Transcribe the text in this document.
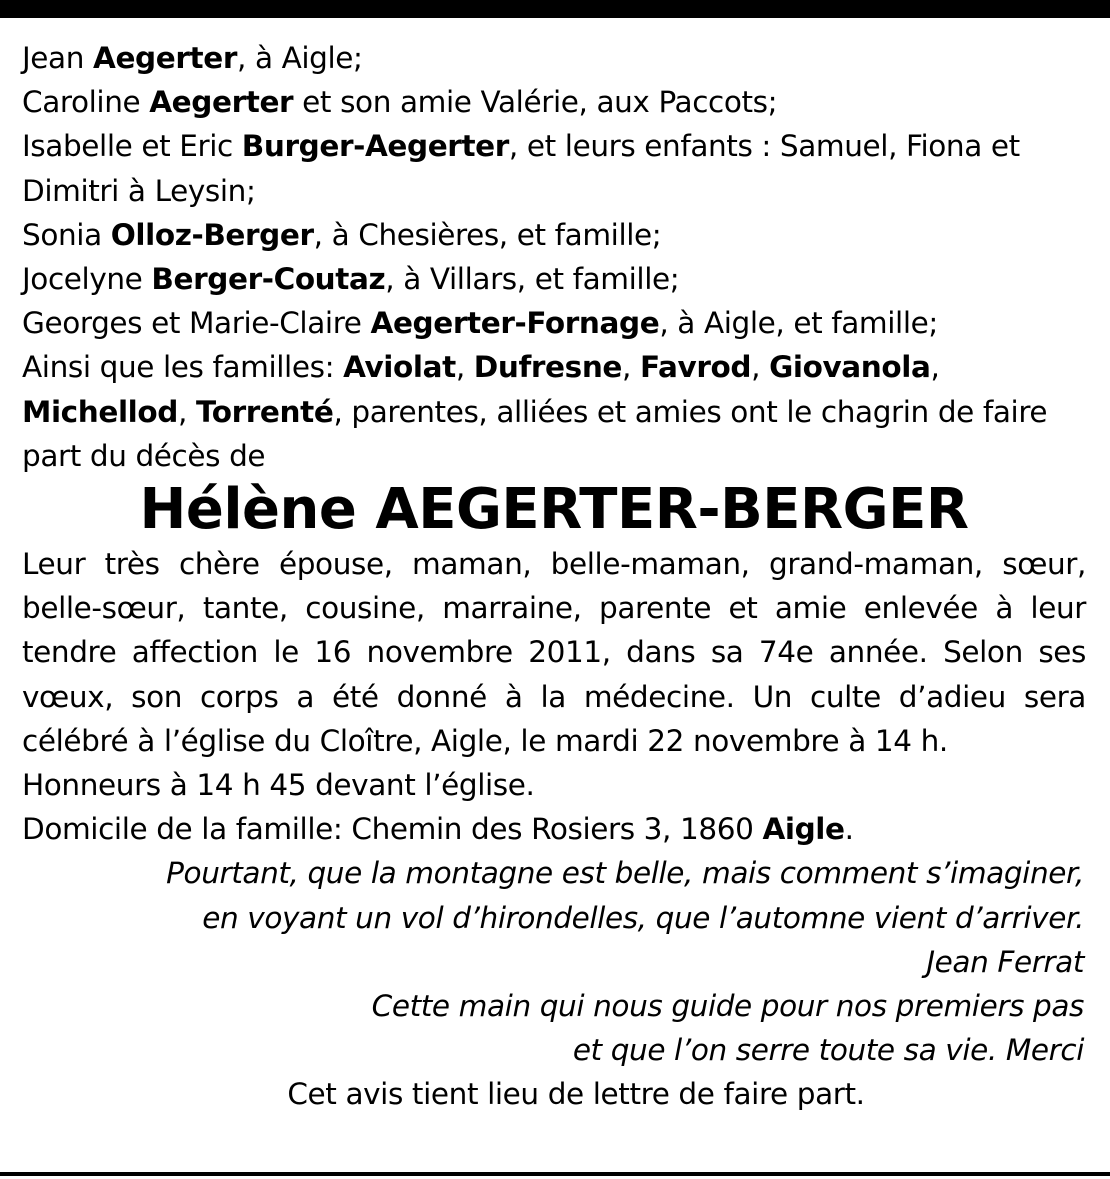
Jean Aegerter, à Aigle;

Caroline Aegerter et son amie Valérie, aux Paccots;

Isabelle et Eric Burger-Aegerter, et leurs enfants : Samuel, Fiona et Dimitri à Leysin;

Sonia Olloz-Berger, à Chesières, et famille;

Jocelyne Berger-Coutaz, à Villars, et famille;

Georges et Marie-Claire Aegerter-Fornage, à Aigle, et famille;

Ainsi que les familles: Aviolat, Dufresne, Favrod, Giovanola, Michellod, Torrenté, parentes, alliées et amies ont le chagrin de faire part du décès de

Hélène AEGERTER-BERGER

Leur très chère épouse, maman, belle-maman, grand-maman, sœur, belle-sœur, tante, cousine, marraine, parente et amie enlevée à leur tendre affection le 16 novembre 2011, dans sa 74e année. Selon ses vœux, son corps a été donné à la médecine. Un culte d’adieu sera célébré à l’église du Cloître, Aigle, le mardi 22 novembre à 14 h.

Honneurs à 14 h 45 devant l’église.

Domicile de la famille: Chemin des Rosiers 3, 1860 Aigle.

Pourtant, que la montagne est belle, mais comment s’imaginer,

en voyant un vol d’hirondelles, que l’automne vient d’arriver.

Jean Ferrat

Cette main qui nous guide pour nos premiers pas

et que l’on serre toute sa vie. Merci

Cet avis tient lieu de lettre de faire part.
